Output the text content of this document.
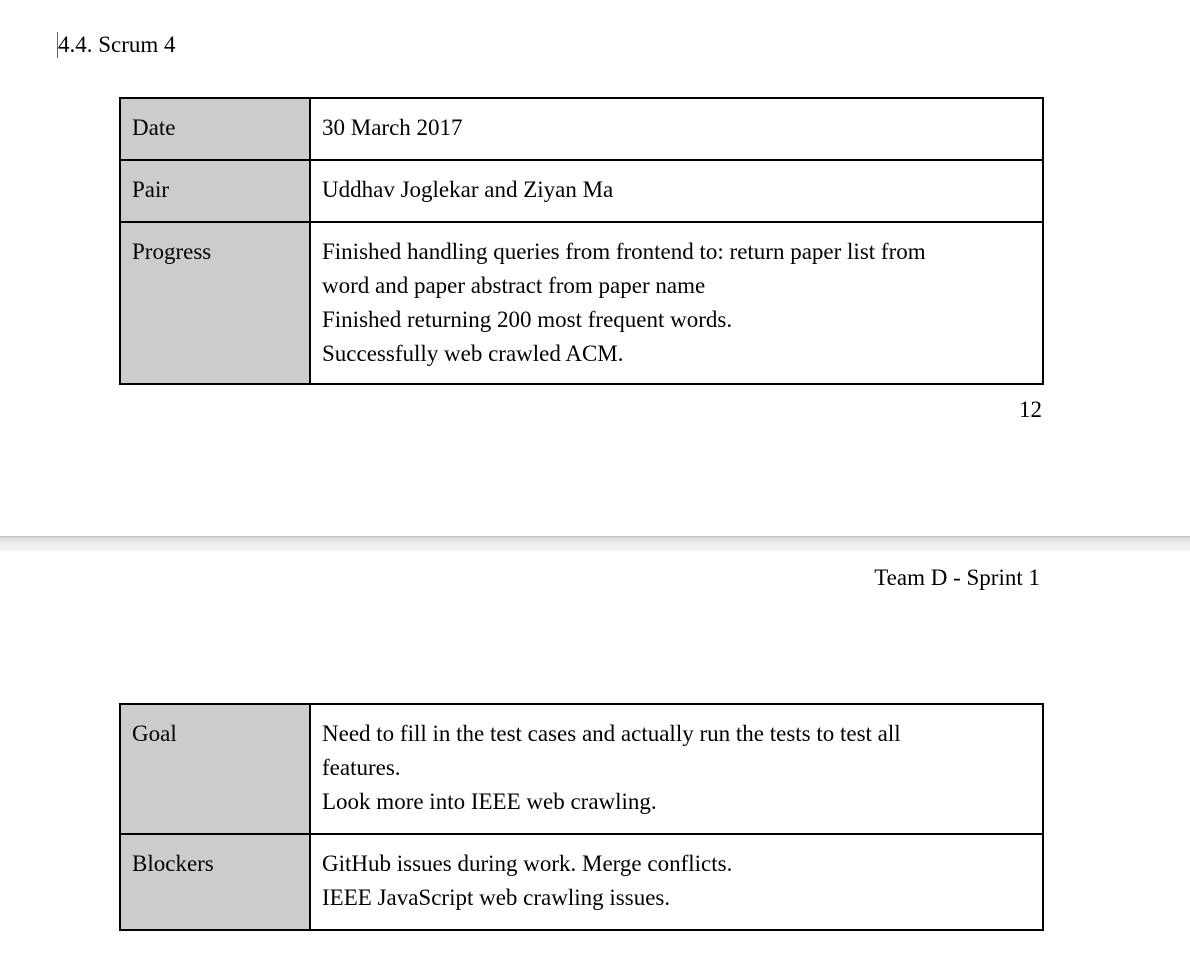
4.4. Scrum 4
Date	30 March 2017

Pair	Uddhav Joglekar and Ziyan Ma

Progress	Finished handling queries from frontend to: return paper list from
word and paper abstract from paper name
Finished returning 200 most frequent words.
Successfully web crawled ACM.
12
Team D - Sprint 1
Goal	Need to fill in the test cases and actually run the tests to test all
features.
Look more into IEEE web crawling.

Blockers	GitHub issues during work. Merge conflicts.
IEEE JavaScript web crawling issues.
